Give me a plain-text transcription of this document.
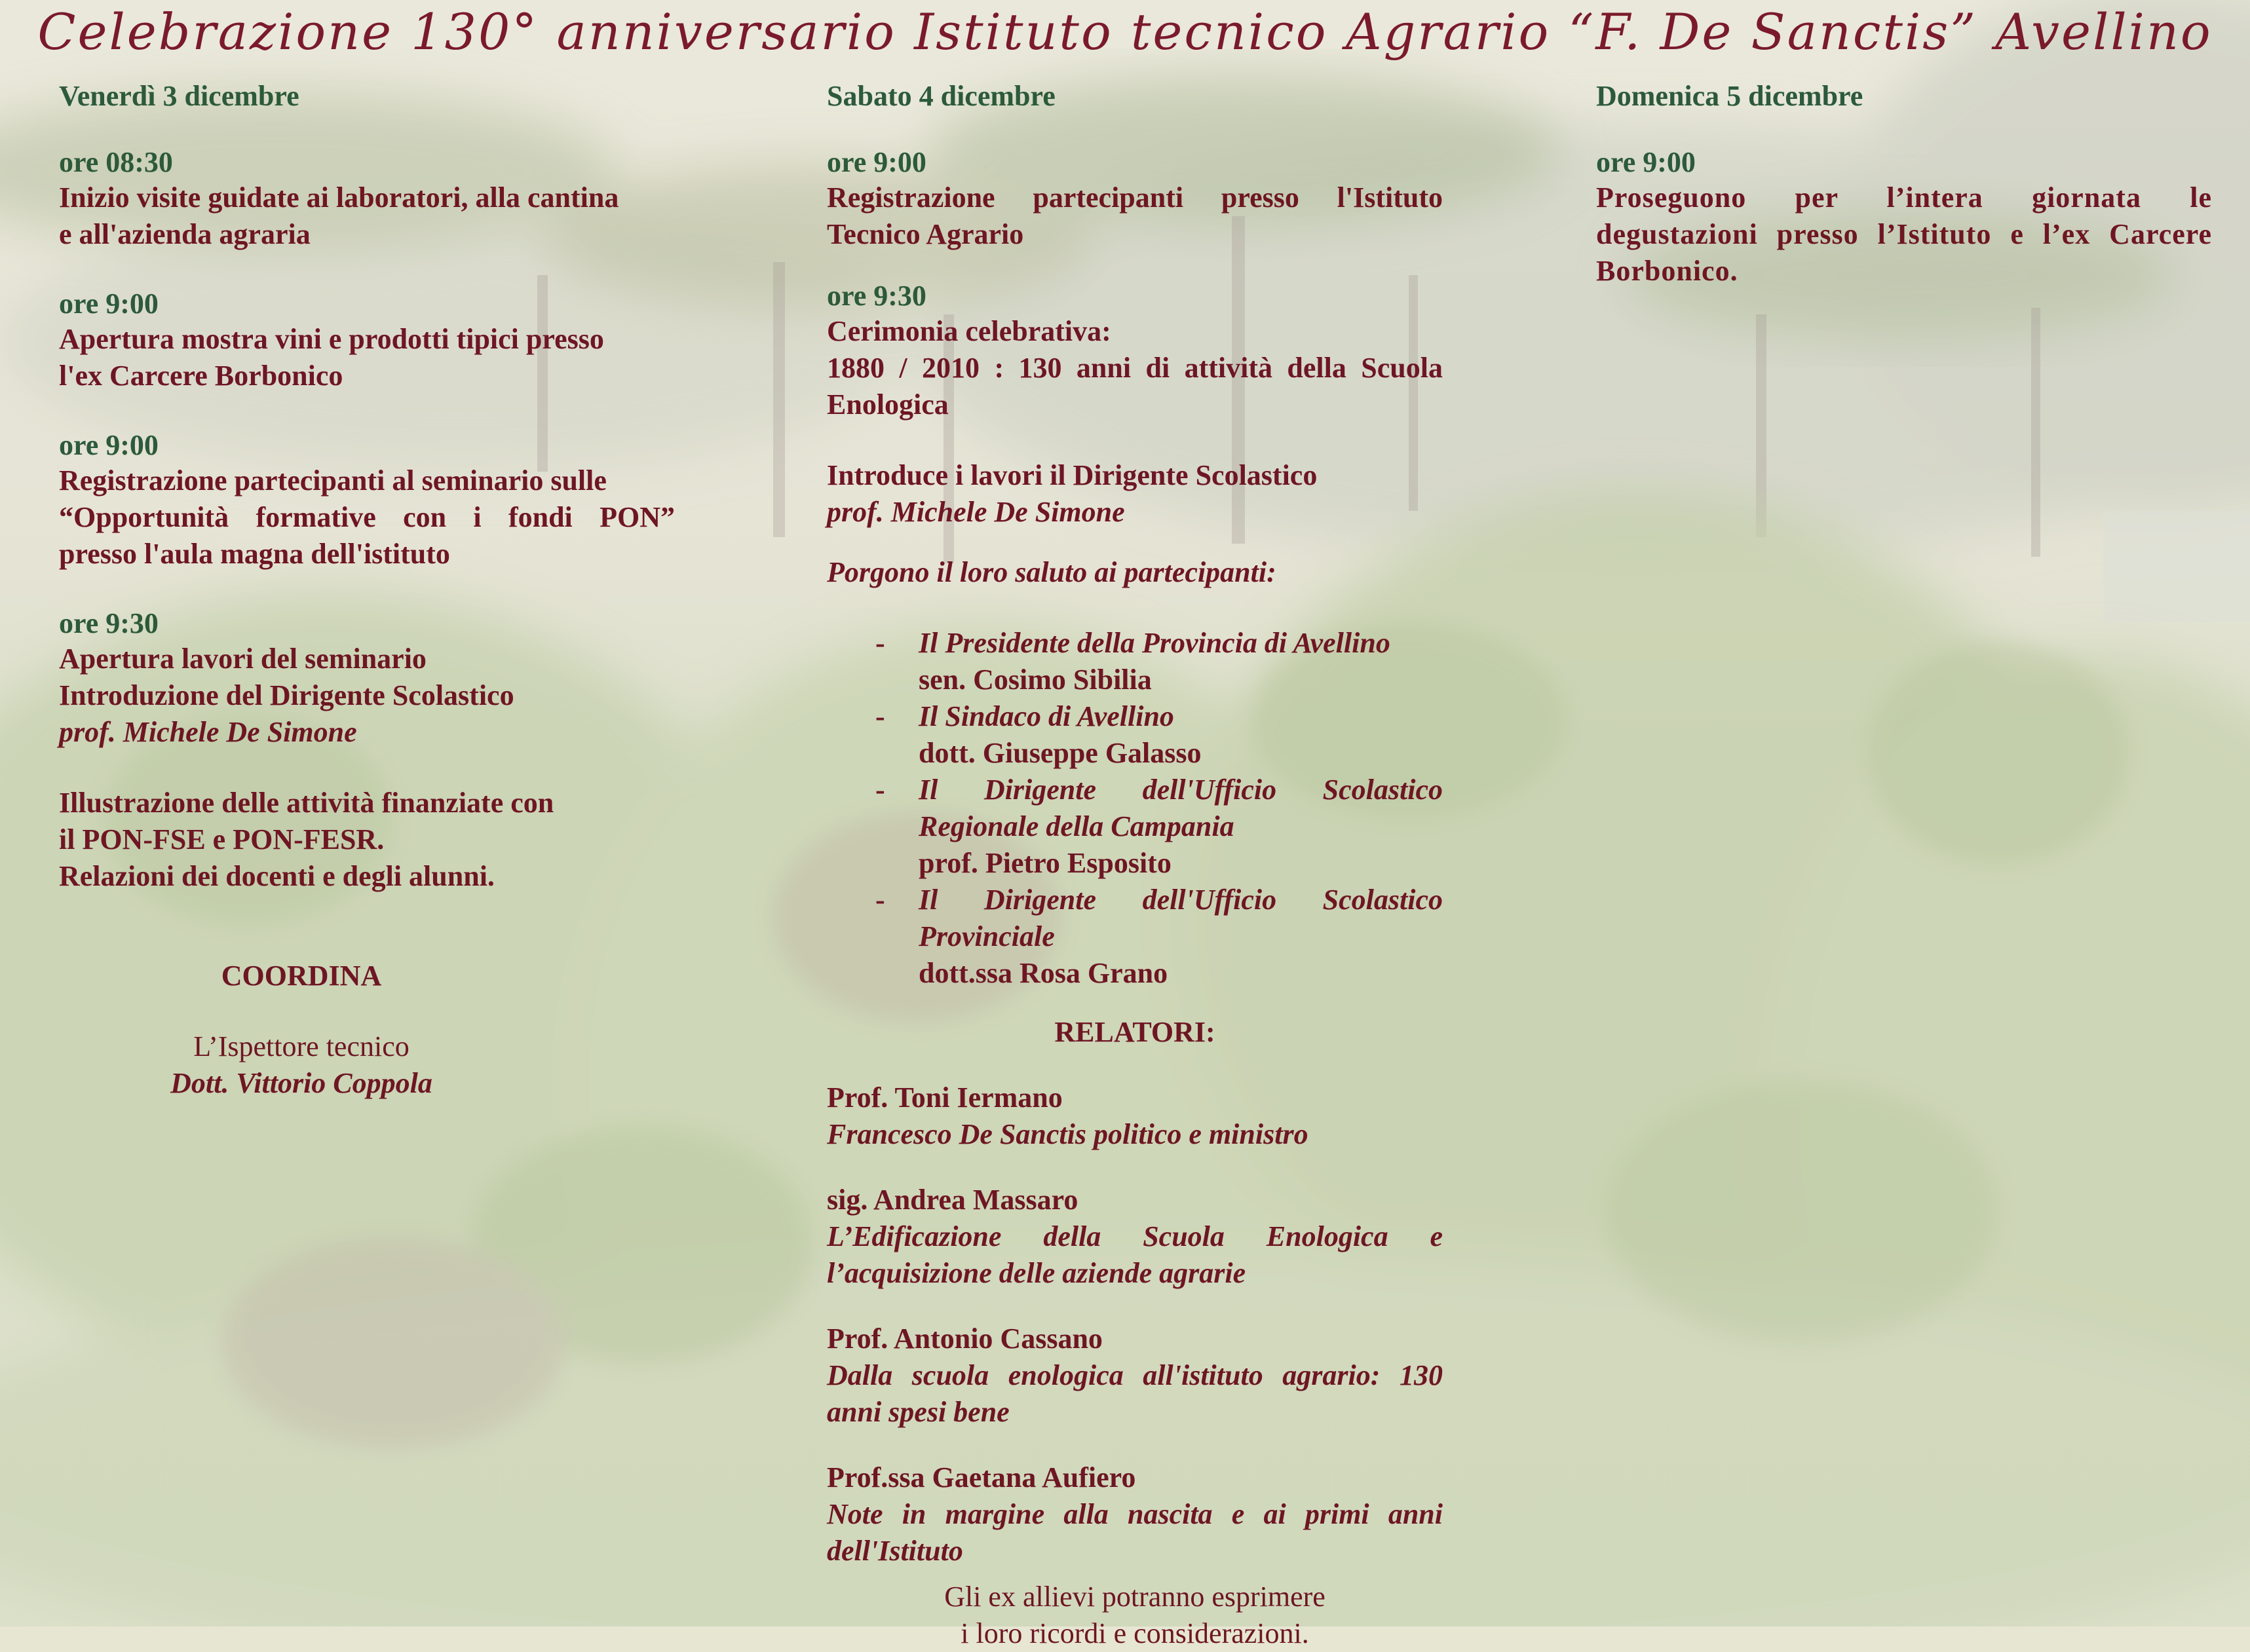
Celebrazione 130° anniversario Istituto tecnico Agrario “F. De Sanctis” Avellino
Venerdì 3 dicembre
ore 08:30
Inizio visite guidate ai laboratori, alla cantina
e all'azienda agraria
ore 9:00
Apertura mostra vini e prodotti tipici presso
l'ex Carcere Borbonico
ore 9:00
Registrazione partecipanti al seminario sulle
“Opportunità formative con i fondi PON”
presso l'aula magna dell'istituto
ore 9:30
Apertura lavori del seminario
Introduzione del Dirigente Scolastico
prof. Michele De Simone
Illustrazione delle attività finanziate con
il PON-FSE e PON-FESR.
Relazioni dei docenti e degli alunni.
COORDINA
L’Ispettore tecnico
Dott. Vittorio Coppola
Sabato 4 dicembre
ore 9:00
Registrazione partecipanti presso l'Istituto Tecnico Agrario
ore 9:30
Cerimonia celebrativa:
1880 / 2010 : 130 anni di attività della Scuola Enologica
Introduce i lavori il Dirigente Scolastico
prof. Michele De Simone
Porgono il loro saluto ai partecipanti:
- Il Presidente della Provincia di Avellino
sen. Cosimo Sibilia
- Il Sindaco di Avellino
dott. Giuseppe Galasso
- Il Dirigente dell'Ufficio Scolastico Regionale della Campania
prof. Pietro Esposito
- Il Dirigente dell'Ufficio Scolastico Provinciale
dott.ssa Rosa Grano
RELATORI:
Prof. Toni Iermano
Francesco De Sanctis politico e ministro
sig. Andrea Massaro
L’Edificazione della Scuola Enologica e l’acquisizione delle aziende agrarie
Prof. Antonio Cassano
Dalla scuola enologica all'istituto agrario: 130 anni spesi bene
Prof.ssa Gaetana Aufiero
Note in margine alla nascita e ai primi anni dell'Istituto
Gli ex allievi potranno esprimere
i loro ricordi e considerazioni.
Domenica 5 dicembre
ore 9:00
Proseguono per l’intera giornata le degustazioni presso l’Istituto e l’ex Carcere Borbonico.
